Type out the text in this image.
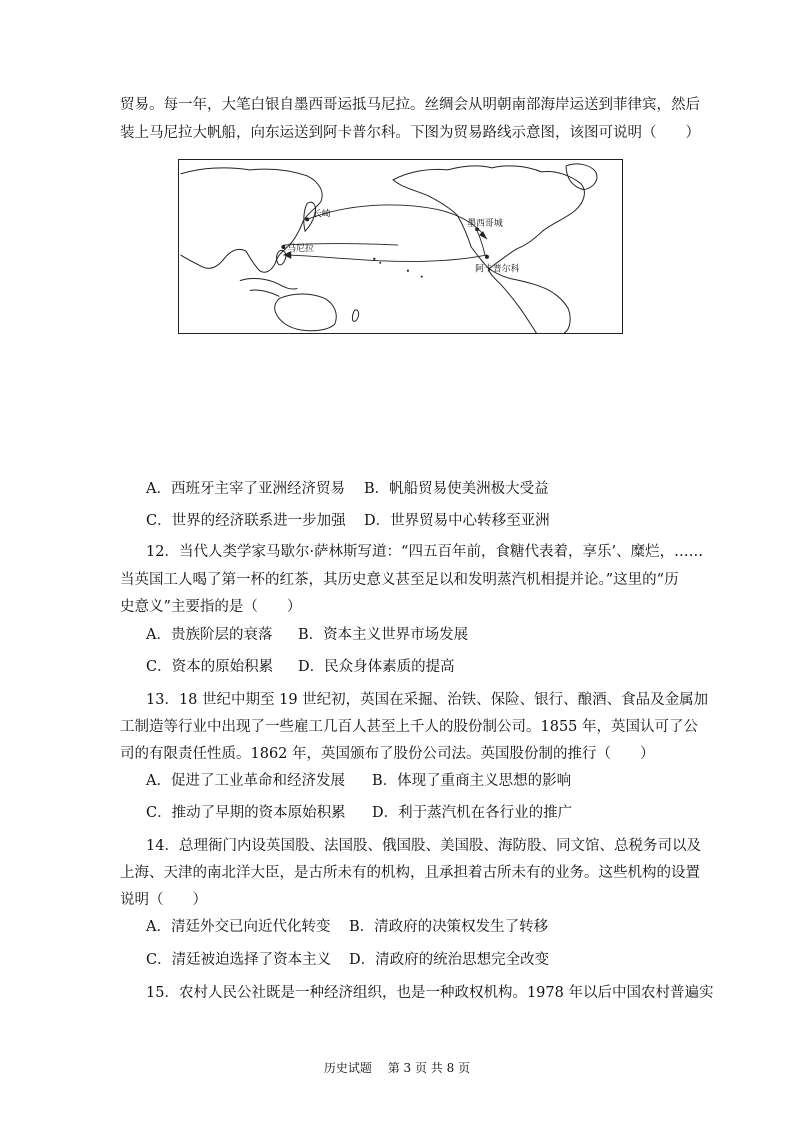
贸易。每一年，大笔白银自墨西哥运抵马尼拉。丝绸会从明朝南部海岸运送到菲律宾，然后
装上马尼拉大帆船，向东运送到阿卡普尔科。下图为贸易路线示意图，该图可说明（　　）
长崎
马尼拉
墨西哥城
阿卡普尔科
A．西班牙主宰了亚洲经济贸易 B．帆船贸易使美洲极大受益
C．世界的经济联系进一步加强 D．世界贸易中心转移至亚洲
12．当代人类学家马歇尔·萨林斯写道：“四五百年前，食糖代表着，享乐’、糜烂，……
当英国工人喝了第一杯的红茶，其历史意义甚至足以和发明蒸汽机相提并论。”这里的“历
史意义”主要指的是（　　）
A．贵族阶层的衰落 B．资本主义世界市场发展
C．资本的原始积累 D．民众身体素质的提高
13．18 世纪中期至 19 世纪初，英国在采掘、治铁、保险、银行、酿酒、食品及金属加
工制造等行业中出现了一些雇工几百人甚至上千人的股份制公司。1855 年，英国认可了公
司的有限责任性质。1862 年，英国颁布了股份公司法。英国股份制的推行（　　）
A．促进了工业革命和经济发展 B．体现了重商主义思想的影响
C．推动了早期的资本原始积累 D．利于蒸汽机在各行业的推广
14．总理衙门内设英国股、法国股、俄国股、美国股、海防股、同文馆、总税务司以及
上海、天津的南北洋大臣，是古所未有的机构，且承担着古所未有的业务。这些机构的设置
说明（　　）
A．清廷外交已向近代化转变 B．清政府的决策权发生了转移
C．清廷被迫选择了资本主义 D．清政府的统治思想完全改变
15．农村人民公社既是一种经济组织，也是一种政权机构。1978 年以后中国农村普遍实
历史试题　 第 3 页 共 8 页
